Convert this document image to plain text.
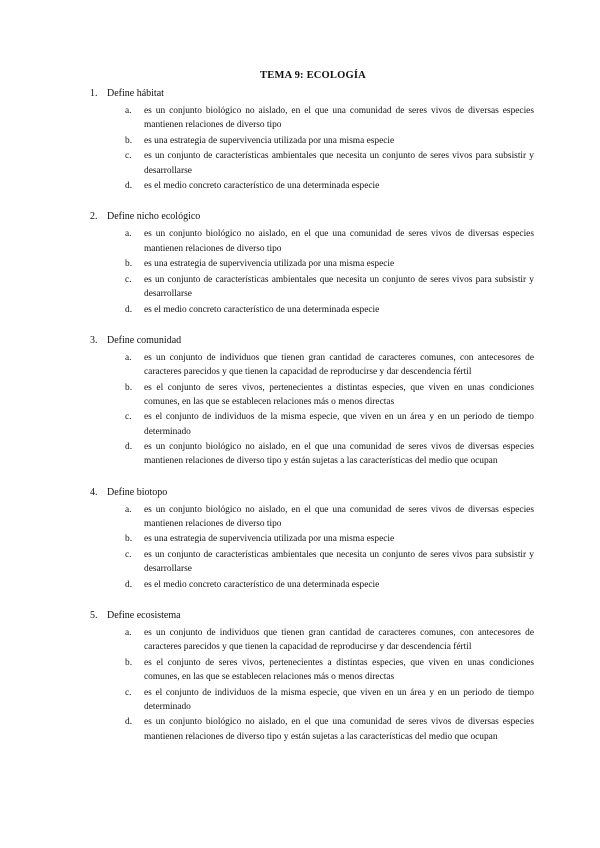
TEMA 9: ECOLOGÍA
1. Define hábitat
a. es un conjunto biológico no aislado, en el que una comunidad de seres vivos de diversas especies mantienen relaciones de diverso tipo
b. es una estrategia de supervivencia utilizada por una misma especie
c. es un conjunto de características ambientales que necesita un conjunto de seres vivos para subsistir y desarrollarse
d. es el medio concreto característico de una determinada especie
2. Define nicho ecológico
a. es un conjunto biológico no aislado, en el que una comunidad de seres vivos de diversas especies mantienen relaciones de diverso tipo
b. es una estrategia de supervivencia utilizada por una misma especie
c. es un conjunto de características ambientales que necesita un conjunto de seres vivos para subsistir y desarrollarse
d. es el medio concreto característico de una determinada especie
3. Define comunidad
a. es un conjunto de individuos que tienen gran cantidad de caracteres comunes, con antecesores de caracteres parecidos y que tienen la capacidad de reproducirse y dar descendencia fértil
b. es el conjunto de seres vivos, pertenecientes a distintas especies, que viven en unas condiciones comunes, en las que se establecen relaciones más o menos directas
c. es el conjunto de individuos de la misma especie, que viven en un área y en un periodo de tiempo determinado
d. es un conjunto biológico no aislado, en el que una comunidad de seres vivos de diversas especies mantienen relaciones de diverso tipo y están sujetas a las características del medio que ocupan
4. Define biotopo
a. es un conjunto biológico no aislado, en el que una comunidad de seres vivos de diversas especies mantienen relaciones de diverso tipo
b. es una estrategia de supervivencia utilizada por una misma especie
c. es un conjunto de características ambientales que necesita un conjunto de seres vivos para subsistir y desarrollarse
d. es el medio concreto característico de una determinada especie
5. Define ecosistema
a. es un conjunto de individuos que tienen gran cantidad de caracteres comunes, con antecesores de caracteres parecidos y que tienen la capacidad de reproducirse y dar descendencia fértil
b. es el conjunto de seres vivos, pertenecientes a distintas especies, que viven en unas condiciones comunes, en las que se establecen relaciones más o menos directas
c. es el conjunto de individuos de la misma especie, que viven en un área y en un periodo de tiempo determinado
d. es un conjunto biológico no aislado, en el que una comunidad de seres vivos de diversas especies mantienen relaciones de diverso tipo y están sujetas a las características del medio que ocupan
